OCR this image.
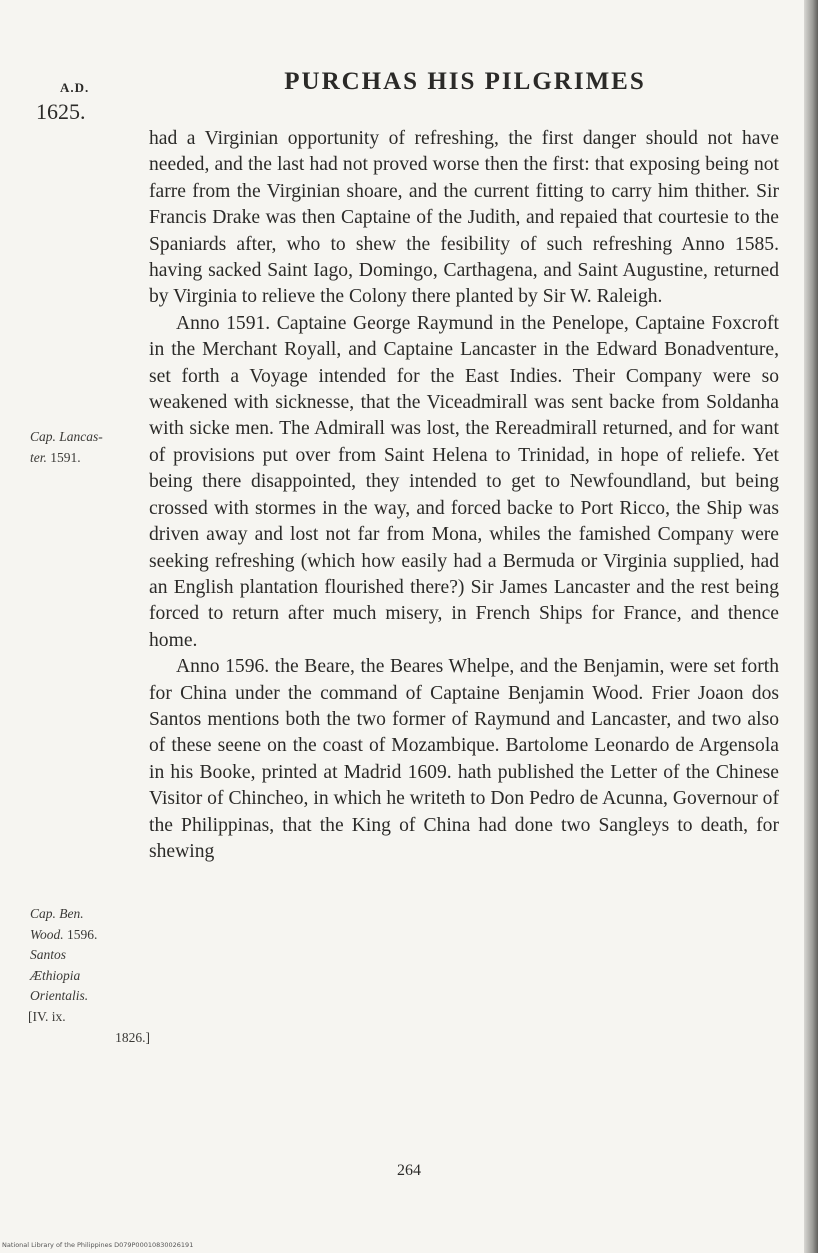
A.D.
1625.
PURCHAS HIS PILGRIMES

had a Virginian opportunity of refreshing, the first danger should not have needed, and the last had not proved worse then the first: that exposing being not farre from the Virginian shoare, and the current fitting to carry him thither. Sir Francis Drake was then Captaine of the Judith, and repaied that courtesie to the Spaniards after, who to shew the fesibility of such refreshing Anno 1585. having sacked Saint Iago, Domingo, Carthagena, and Saint Augustine, returned by Virginia to relieve the Colony there planted by Sir W. Raleigh.

Anno 1591. Captaine George Raymund in the Penelope, Captaine Foxcroft in the Merchant Royall, and Captaine Lancaster in the Edward Bonadventure, set forth a Voyage intended for the East Indies. Their Company were so weakened with sicknesse, that the Viceadmirall was sent backe from Soldanha with sicke men. The Admirall was lost, the Rereadmirall returned, and for want of provisions put over from Saint Helena to Trinidad, in hope of reliefe. Yet being there disappointed, they intended to get to Newfoundland, but being crossed with stormes in the way, and forced backe to Port Ricco, the Ship was driven away and lost not far from Mona, whiles the famished Company were seeking refreshing (which how easily had a Bermuda or Virginia supplied, had an English plantation flourished there?) Sir James Lancaster and the rest being forced to return after much misery, in French Ships for France, and thence home.

Anno 1596. the Beare, the Beares Whelpe, and the Benjamin, were set forth for China under the command of Captaine Benjamin Wood. Frier Joaon dos Santos mentions both the two former of Raymund and Lancaster, and two also of these seene on the coast of Mozambique. Bartolome Leonardo de Argensola in his Booke, printed at Madrid 1609. hath published the Letter of the Chinese Visitor of Chincheo, in which he writeth to Don Pedro de Acunna, Governour of the Philippinas, that the King of China had done two Sangleys to death, for shewing

Cap. Lancas-
ter. 1591.
Cap. Ben.
Wood. 1596.
Santos
Æthiopia
Orientalis.
[IV. ix.
1826.]
264
National Library of the Philippines D079P00010830026191
